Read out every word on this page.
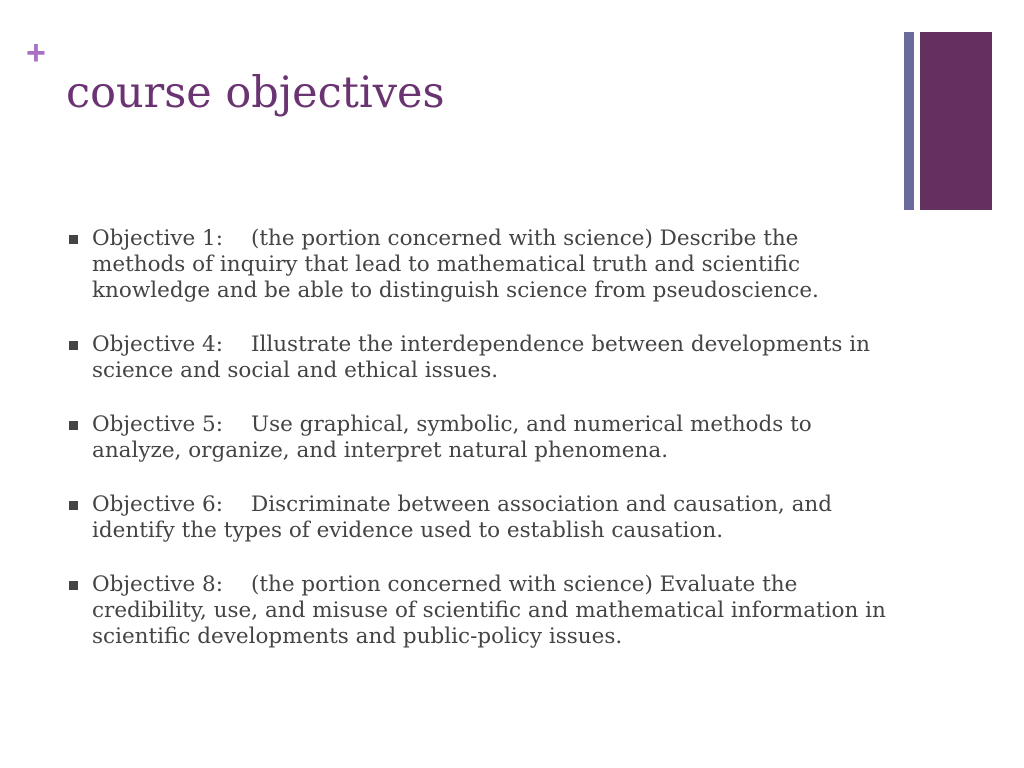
+
course objectives
Objective 1: (the portion concerned with science) Describe the methods of inquiry that lead to mathematical truth and scientific knowledge and be able to distinguish science from pseudoscience.
Objective 4: Illustrate the interdependence between developments in science and social and ethical issues.
Objective 5: Use graphical, symbolic, and numerical methods to analyze, organize, and interpret natural phenomena.
Objective 6: Discriminate between association and causation, and identify the types of evidence used to establish causation.
Objective 8: (the portion concerned with science) Evaluate the credibility, use, and misuse of scientific and mathematical information in scientific developments and public-policy issues.
